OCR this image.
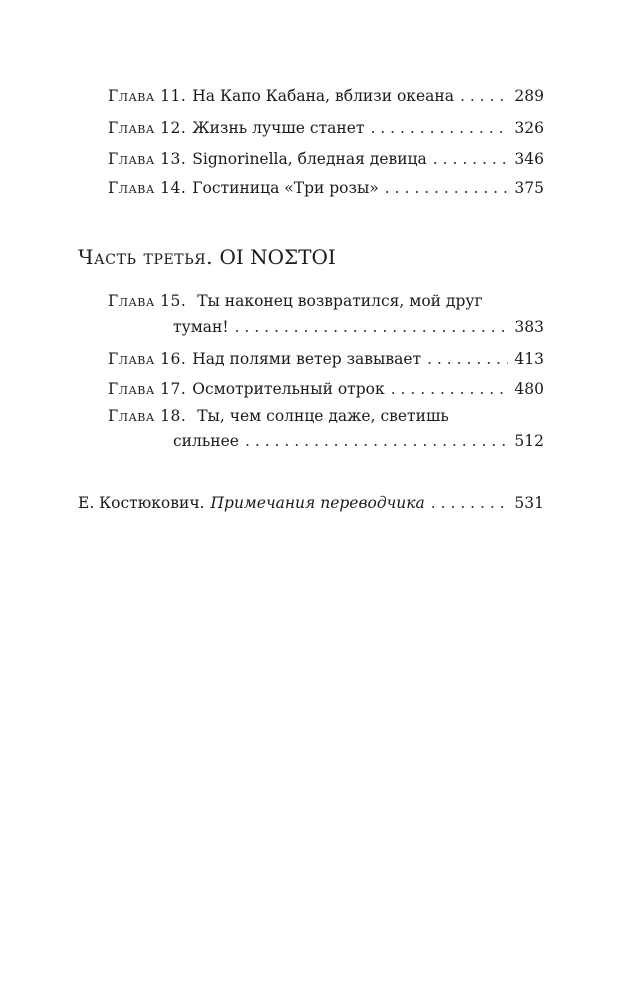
Глава 11. На Капо Кабана, вблизи океана . . .	289
Глава 12. Жизнь лучше станет . . .	326
Глава 13. Signorinella, бледная девица . . .	346
Глава 14. Гостиница «Три розы» . . .	375
Часть третья. ΟΙ ΝΟΣΤΟΙ
Глава 15. Ты наконец возвратился, мой друг
туман! . . .	383
Глава 16. Над полями ветер завывает . . .	413
Глава 17. Осмотрительный отрок . . .	480
Глава 18. Ты, чем солнце даже, светишь
сильнее . . .	512
Е. Костюкович. Примечания переводчика . . .	531
